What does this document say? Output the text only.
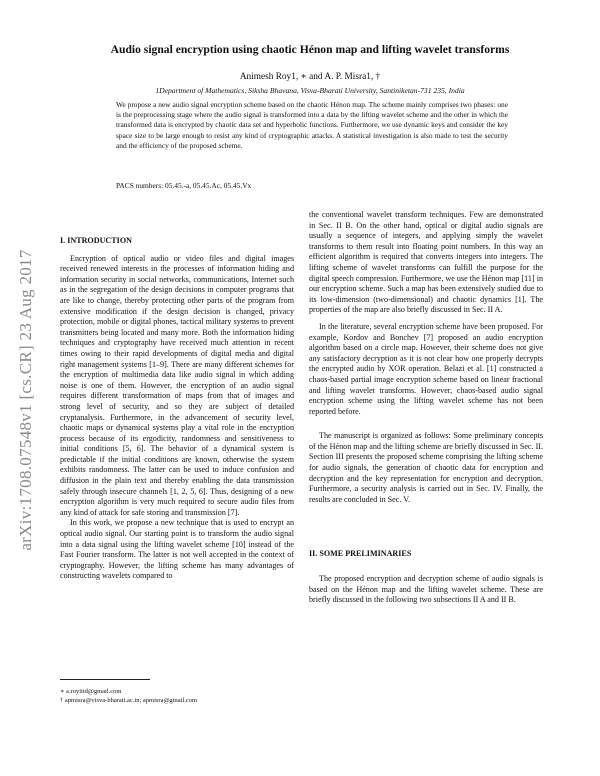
arXiv:1708.07548v1 [cs.CR] 23 Aug 2017
Audio signal encryption using chaotic Hénon map and lifting wavelet transforms
Animesh Roy1, ∗ and A. P. Misra1, †
1Department of Mathematics, Siksha Bhavana, Visva-Bharati University, Santiniketan-731 235, India
We propose a new audio signal encryption scheme based on the chaotic Hénon map. The scheme mainly comprises two phases: one is the preprocessing stage where the audio signal is transformed into a data by the lifting wavelet scheme and the other in which the transformed data is encrypted by chaotic data set and hyperbolic functions. Furthermore, we use dynamic keys and consider the key space size to be large enough to resist any kind of cryptographic attacks. A statistical investigation is also made to test the security and the efficiency of the proposed scheme.
PACS numbers: 05.45.-a, 05.45.Ac, 05.45.Vx

I. INTRODUCTION

Encryption of optical audio or video files and digital images received renewed interests in the processes of information hiding and information security in social networks, communications, Internet such as in the segregation of the design decisions in computer programs that are like to change, thereby protecting other parts of the program from extensive modification if the design decision is changed, privacy protection, mobile or digital phones, tactical military systems to prevent transmitters being located and many more. Both the information hiding techniques and cryptography have received much attention in recent times owing to their rapid developments of digital media and digital right management systems [1–9]. There are many different schemes for the encryption of multimedia data like audio signal in which adding noise is one of them. However, the encryption of an audio signal requires different transformation of maps from that of images and strong level of security, and so they are subject of detailed cryptanalysis. Furthermore, in the advancement of security level, chaotic maps or dynamical systems play a vital role in the encryption process because of its ergodicity, randomness and sensitiveness to initial conditions [5, 6]. The behavior of a dynamical system is predictable if the initial conditions are known, otherwise the system exhibits randomness. The latter can be used to induce confusion and diffusion in the plain text and thereby enabling the data transmission safely through insecure channels [1, 2, 5, 6]. Thus, designing of a new encryption algorithm is very much required to secure audio files from any kind of attack for safe storing and transmission [7].

In this work, we propose a new technique that is used to encrypt an optical audio signal. Our starting point is to transform the audio signal into a data signal using the lifting wavelet scheme [10] instead of the Fast Fourier transform. The latter is not well accepted in the context of cryptography. However, the lifting scheme has many advantages of constructing wavelets compared to

the conventional wavelet transform techniques. Few are demonstrated in Sec. II B. On the other hand, optical or digital audio signals are usually a sequence of integers, and applying simply the wavelet transforms to them result into floating point numbers. In this way an efficient algorithm is required that converts integers into integers. The lifting scheme of wavelet transforms can fulfill the purpose for the digital speech compression. Furthermore, we use the Hénon map [11] in our encryption scheme. Such a map has been extensively studied due to its low-dimension (two-dimensional) and chaotic dynamics [1]. The properties of the map are also briefly discussed in Sec. II A.

In the literature, several encryption scheme have been proposed. For example, Kordov and Bonchev [7] proposed an audio encryption algorithm based on a circle map. However, their scheme does not give any satisfactory decryption as it is not clear how one properly decrypts the encrypted audio by XOR operation. Belazi et al. [1] constructed a chaos-based partial image encryption scheme based on linear fractional and lifting wavelet transforms. However, chaos-based audio signal encryption scheme using the lifting wavelet scheme has not been reported before.

The manuscript is organized as follows: Some preliminary concepts of the Hénon map and the lifting scheme are briefly discussed in Sec. II. Section III presents the proposed scheme comprising the lifting scheme for audio signals, the generation of chaotic data for encryption and decryption and the key representation for encryption and decryption. Furthermore, a security analysis is carried out in Sec. IV. Finally, the results are concluded in Sec. V.

II. SOME PRELIMINARIES

The proposed encryption and decryption scheme of audio signals is based on the Hénon map and the lifting wavelet scheme. These are briefly discussed in the following two subsections II A and II B.

∗ a.royiitd@gmail.com
† apmisra@visva-bharati.ac.in; apmisra@gmail.com
